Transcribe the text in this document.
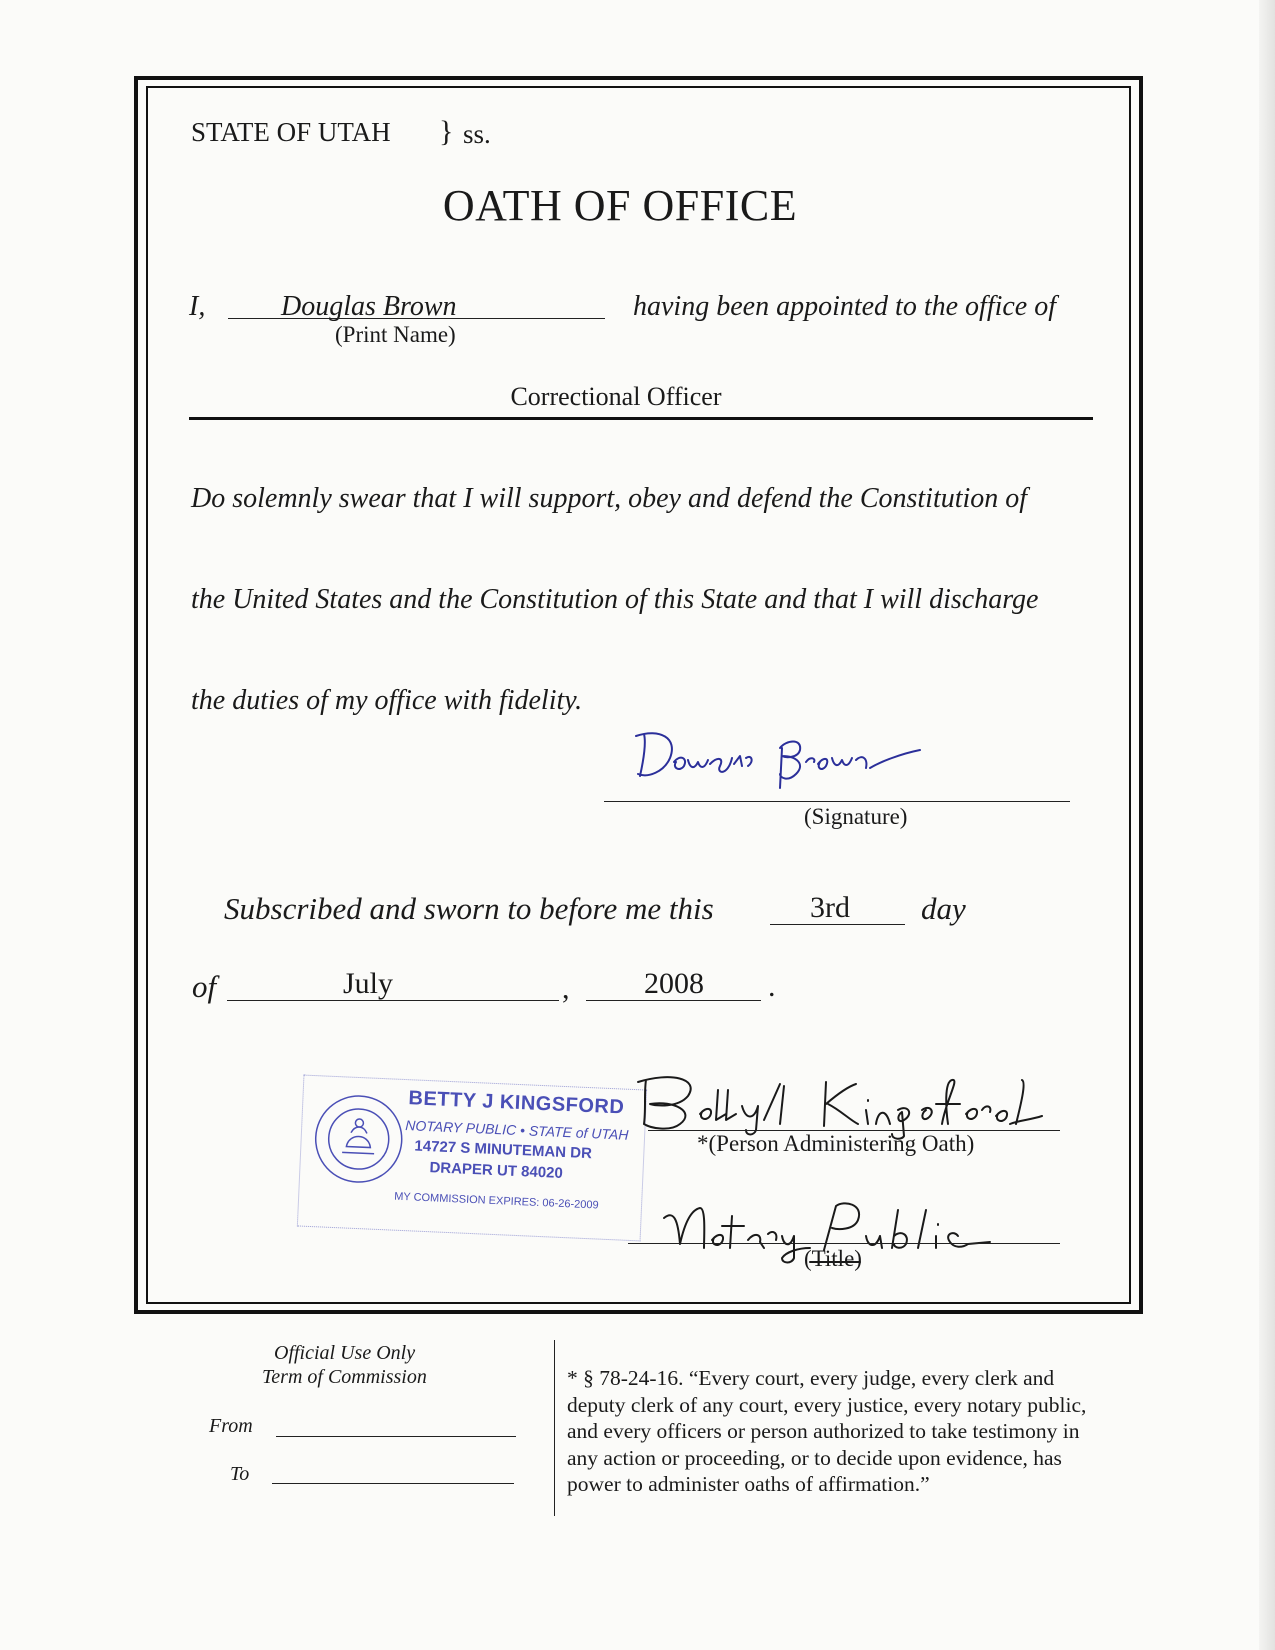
STATE OF UTAH } ss.
OATH OF OFFICE
I,	Douglas Brown
(Print Name)
having been appointed to the office of
Correctional Officer
Do solemnly swear that I will support, obey and defend the Constitution of
the United States and the Constitution of this State and that I will discharge
the duties of my office with fidelity.
(Signature)
Subscribed and sworn to before me this	3rd day
of	July	, 2008 .
BETTY J KINGSFORD
NOTARY PUBLIC • STATE of UTAH
14727 S MINUTEMAN DR
DRAPER UT 84020
MY COMMISSION EXPIRES: 06-26-2009
*(Person Administering Oath)
(Title)
Official Use Only
Term of Commission
From
To
* § 78-24-16. “Every court, every judge, every clerk and
deputy clerk of any court, every justice, every notary public,
and every officers or person authorized to take testimony in
any action or proceeding, or to decide upon evidence, has
power to administer oaths of affirmation.”
